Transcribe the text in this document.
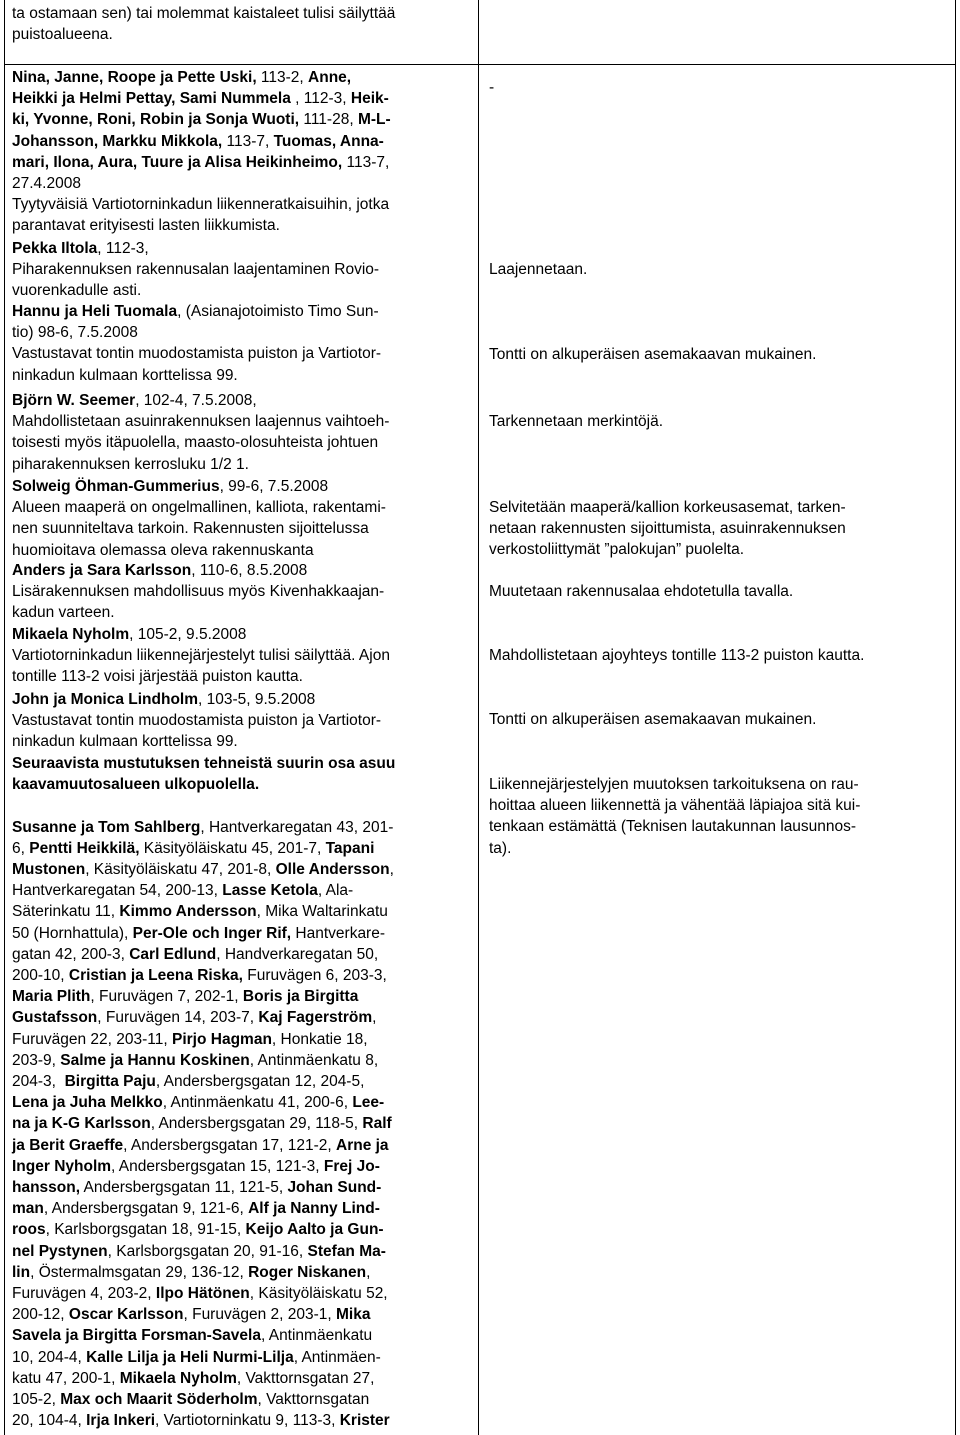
ta ostamaan sen) tai molemmat kaistaleet tulisi säilyttää

puistoalueena.

Nina, Janne, Roope ja Pette Uski, 113-2, Anne,

Heikki ja Helmi Pettay, Sami Nummela , 112-3, Heik-

ki, Yvonne, Roni, Robin ja Sonja Wuoti, 111-28, M-L-

Johansson, Markku Mikkola, 113-7, Tuomas, Anna-

mari, Ilona, Aura, Tuure ja Alisa Heikinheimo, 113-7,

27.4.2008

Tyytyväisiä Vartiotorninkadun liikenneratkaisuihin, jotka

parantavat erityisesti lasten liikkumista.

-

Pekka Iltola, 112-3,

Piharakennuksen rakennusalan laajentaminen Rovio-

vuorenkadulle asti.

Laajennetaan.

Hannu ja Heli Tuomala, (Asianajotoimisto Timo Sun-

tio) 98-6, 7.5.2008

Vastustavat tontin muodostamista puiston ja Vartiotor-

ninkadun kulmaan korttelissa 99.

Tontti on alkuperäisen asemakaavan mukainen.

Björn W. Seemer, 102-4, 7.5.2008,

Mahdollistetaan asuinrakennuksen laajennus vaihtoeh-

toisesti myös itäpuolella, maasto-olosuhteista johtuen

piharakennuksen kerrosluku 1/2 1.

Tarkennetaan merkintöjä.

Solweig Öhman-Gummerius, 99-6, 7.5.2008

Alueen maaperä on ongelmallinen, kalliota, rakentami-

nen suunniteltava tarkoin. Rakennusten sijoittelussa

huomioitava olemassa oleva rakennuskanta

Selvitetään maaperä/kallion korkeusasemat, tarken-

netaan rakennusten sijoittumista, asuinrakennuksen

verkostoliittymät ”palokujan” puolelta.

Anders ja Sara Karlsson, 110-6, 8.5.2008

Lisärakennuksen mahdollisuus myös Kivenhakkaajan-

kadun varteen.

Muutetaan rakennusalaa ehdotetulla tavalla.

Mikaela Nyholm, 105-2, 9.5.2008

Vartiotorninkadun liikennejärjestelyt tulisi säilyttää. Ajon

tontille 113-2 voisi järjestää puiston kautta.

Mahdollistetaan ajoyhteys tontille 113-2 puiston kautta.

John ja Monica Lindholm, 103-5, 9.5.2008

Vastustavat tontin muodostamista puiston ja Vartiotor-

ninkadun kulmaan korttelissa 99.

Tontti on alkuperäisen asemakaavan mukainen.

Seuraavista mustutuksen tehneistä suurin osa asuu

kaavamuutosalueen ulkopuolella.

Susanne ja Tom Sahlberg, Hantverkaregatan 43, 201-

6, Pentti Heikkilä, Käsityöläiskatu 45, 201-7, Tapani

Mustonen, Käsityöläiskatu 47, 201-8, Olle Andersson,

Hantverkaregatan 54, 200-13, Lasse Ketola, Ala-

Säterinkatu 11, Kimmo Andersson, Mika Waltarinkatu

50 (Hornhattula), Per-Ole och Inger Rif, Hantverkare-

gatan 42, 200-3, Carl Edlund, Handverkaregatan 50,

200-10, Cristian ja Leena Riska, Furuvägen 6, 203-3,

Maria Plith, Furuvägen 7, 202-1, Boris ja Birgitta

Gustafsson, Furuvägen 14, 203-7, Kaj Fagerström,

Furuvägen 22, 203-11, Pirjo Hagman, Honkatie 18,

203-9, Salme ja Hannu Koskinen, Antinmäenkatu 8,

204-3,  Birgitta Paju, Andersbergsgatan 12, 204-5,

Lena ja Juha Melkko, Antinmäenkatu 41, 200-6, Lee-

na ja K-G Karlsson, Andersbergsgatan 29, 118-5, Ralf

ja Berit Graeffe, Andersbergsgatan 17, 121-2, Arne ja

Inger Nyholm, Andersbergsgatan 15, 121-3, Frej Jo-

hansson, Andersbergsgatan 11, 121-5, Johan Sund-

man, Andersbergsgatan 9, 121-6, Alf ja Nanny Lind-

roos, Karlsborgsgatan 18, 91-15, Keijo Aalto ja Gun-

nel Pystynen, Karlsborgsgatan 20, 91-16, Stefan Ma-

lin, Östermalmsgatan 29, 136-12, Roger Niskanen,

Furuvägen 4, 203-2, Ilpo Hätönen, Käsityöläiskatu 52,

200-12, Oscar Karlsson, Furuvägen 2, 203-1, Mika

Savela ja Birgitta Forsman-Savela, Antinmäenkatu

10, 204-4, Kalle Lilja ja Heli Nurmi-Lilja, Antinmäen-

katu 47, 200-1, Mikaela Nyholm, Vakttornsgatan 27,

105-2, Max och Maarit Söderholm, Vakttornsgatan

20, 104-4, Irja Inkeri, Vartiotorninkatu 9, 113-3, Krister

Liikennejärjestelyjen muutoksen tarkoituksena on rau-

hoittaa alueen liikennettä ja vähentää läpiajoa sitä kui-

tenkaan estämättä (Teknisen lautakunnan lausunnos-

ta).
